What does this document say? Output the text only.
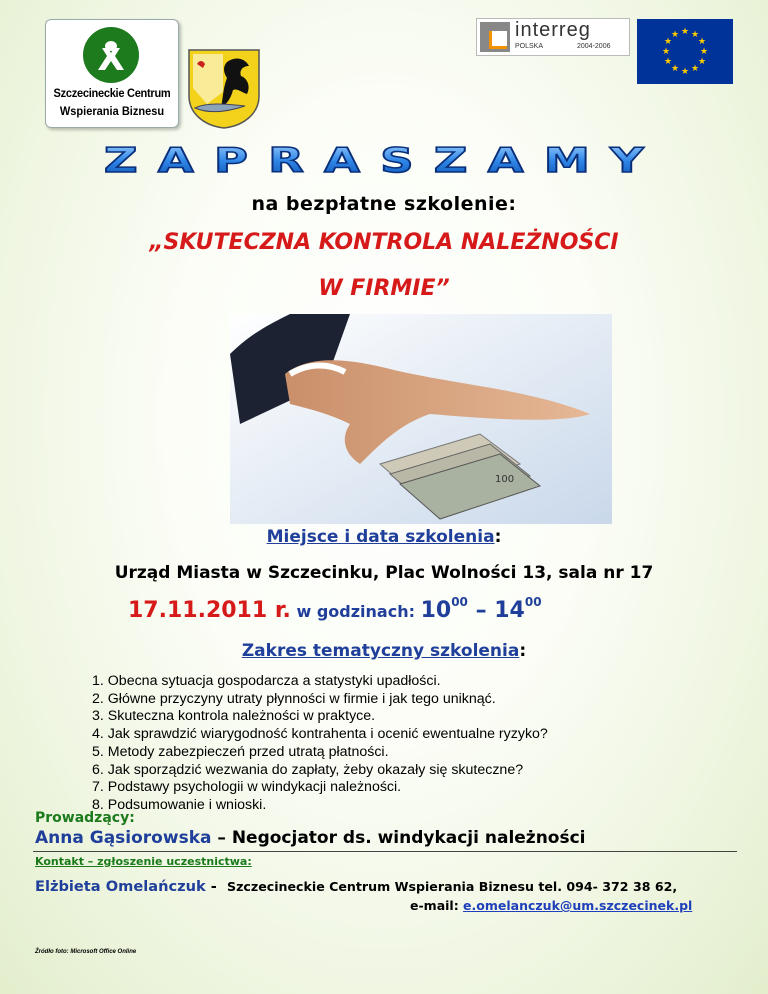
Szczecineckie Centrum
Wspierania Biznesu
interreg
POLSKA	2004-2006
★ ★
★
★
★
★
★
★
★
★
★
★
ZAPRASZAMY
na bezpłatne szkolenie:
„SKUTECZNA KONTROLA NALEŻNOŚCI
W FIRMIE”
100
Miejsce i data szkolenia:
Urząd Miasta w Szczecinku, Plac Wolności 13, sala nr 17
17.11.2011 r. w godzinach: $10^{00} - 14^{00}$
Zakres tematyczny szkolenia:
1. Obecna sytuacja gospodarcza a statystyki upadłości.
2. Główne przyczyny utraty płynności w firmie i jak tego uniknąć.
3. Skuteczna kontrola należności w praktyce.
4. Jak sprawdzić wiarygodność kontrahenta i ocenić ewentualne ryzyko?
5. Metody zabezpieczeń przed utratą płatności.
6. Jak sporządzić wezwania do zapłaty, żeby okazały się skuteczne?
7. Podstawy psychologii w windykacji należności.
8. Podsumowanie i wnioski.
Prowadzący:
Anna Gąsiorowska – Negocjator ds. windykacji należności
Kontakt – zgłoszenie uczestnictwa:
Elżbieta Omelańczuk -  Szczecineckie Centrum Wspierania Biznesu tel. 094- 372 38 62,
e-mail: e.omelanczuk@um.szczecinek.pl
Źródło foto: Microsoft Office Online
